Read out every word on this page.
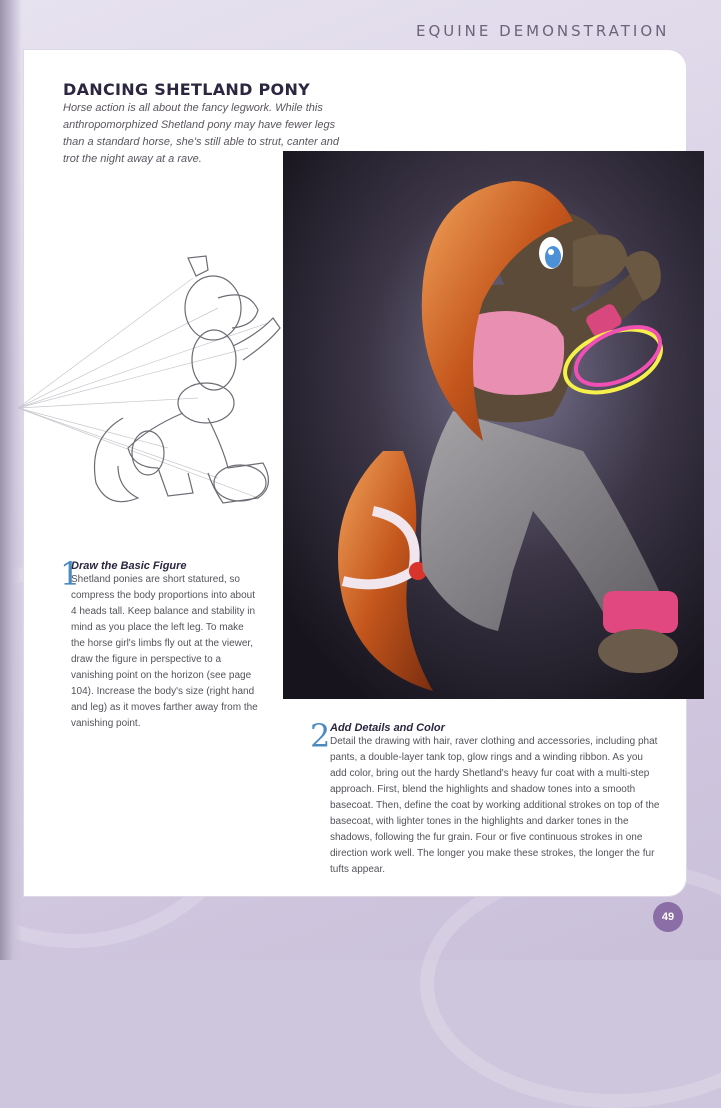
EQUINE DEMONSTRATION
DANCING SHETLAND PONY
Horse action is all about the fancy legwork. While this anthropomorphized Shetland pony may have fewer legs than a standard horse, she's still able to strut, canter and trot the night away at a rave.
1
Draw the Basic Figure
Shetland ponies are short statured, so compress the body proportions into about 4 heads tall. Keep balance and stability in mind as you place the left leg. To make the horse girl's limbs fly out at the viewer, draw the figure in perspective to a vanishing point on the horizon (see page 104). Increase the body's size (right hand and leg) as it moves farther away from the vanishing point.	2 Add Details and Color
Detail the drawing with hair, raver clothing and accessories, including phat pants, a double-layer tank top, glow rings and a winding ribbon. As you add color, bring out the hardy Shetland's heavy fur coat with a multi-step approach. First, blend the highlights and shadow tones into a smooth basecoat. Then, define the coat by working additional strokes on top of the basecoat, with lighter tones in the highlights and darker tones in the shadows, following the fur grain. Four or five continuous strokes in one direction work well. The longer you make these strokes, the longer the fur tufts appear.
49
